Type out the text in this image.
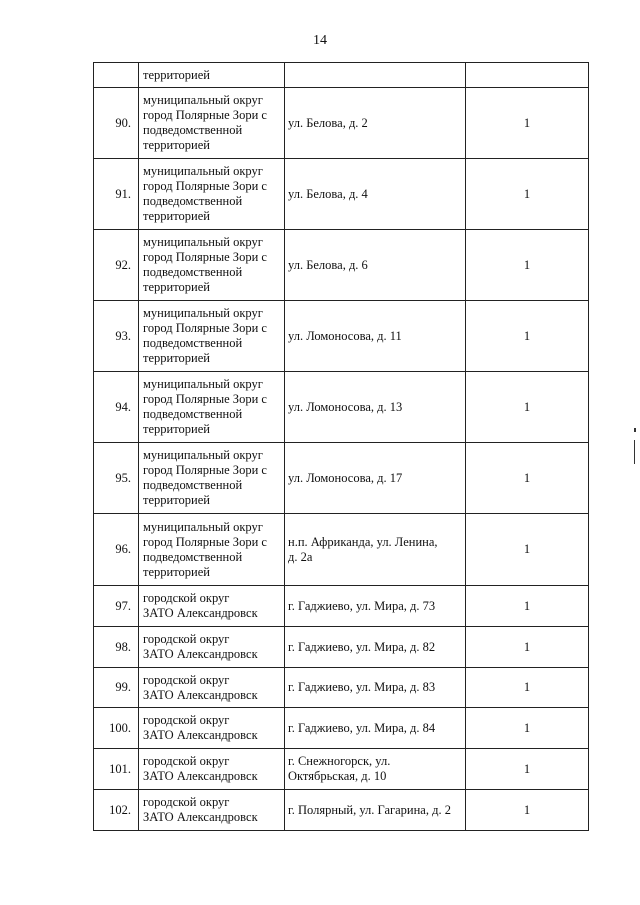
14
	территорией		
90.	муниципальный округ
город Полярные Зори с
подведомственной
территорией	ул. Белова, д. 2	1
91.	муниципальный округ
город Полярные Зори с
подведомственной
территорией	ул. Белова, д. 4	1
92.	муниципальный округ
город Полярные Зори с
подведомственной
территорией	ул. Белова, д. 6	1
93.	муниципальный округ
город Полярные Зори с
подведомственной
территорией	ул. Ломоносова, д. 11	1
94.	муниципальный округ
город Полярные Зори с
подведомственной
территорией	ул. Ломоносова, д. 13	1
95.	муниципальный округ
город Полярные Зори с
подведомственной
территорией	ул. Ломоносова, д. 17	1
96.	муниципальный округ
город Полярные Зори с
подведомственной
территорией	н.п. Африканда, ул. Ленина,
д. 2а	1
97.	городской округ
ЗАТО Александровск	г. Гаджиево, ул. Мира, д. 73	1
98.	городской округ
ЗАТО Александровск	г. Гаджиево, ул. Мира, д. 82	1
99.	городской округ
ЗАТО Александровск	г. Гаджиево, ул. Мира, д. 83	1
100.	городской округ
ЗАТО Александровск	г. Гаджиево, ул. Мира, д. 84	1
101.	городской округ
ЗАТО Александровск	г. Снежногорск, ул.
Октябрьская, д. 10	1
102.	городской округ
ЗАТО Александровск	г. Полярный, ул. Гагарина, д. 2	1
